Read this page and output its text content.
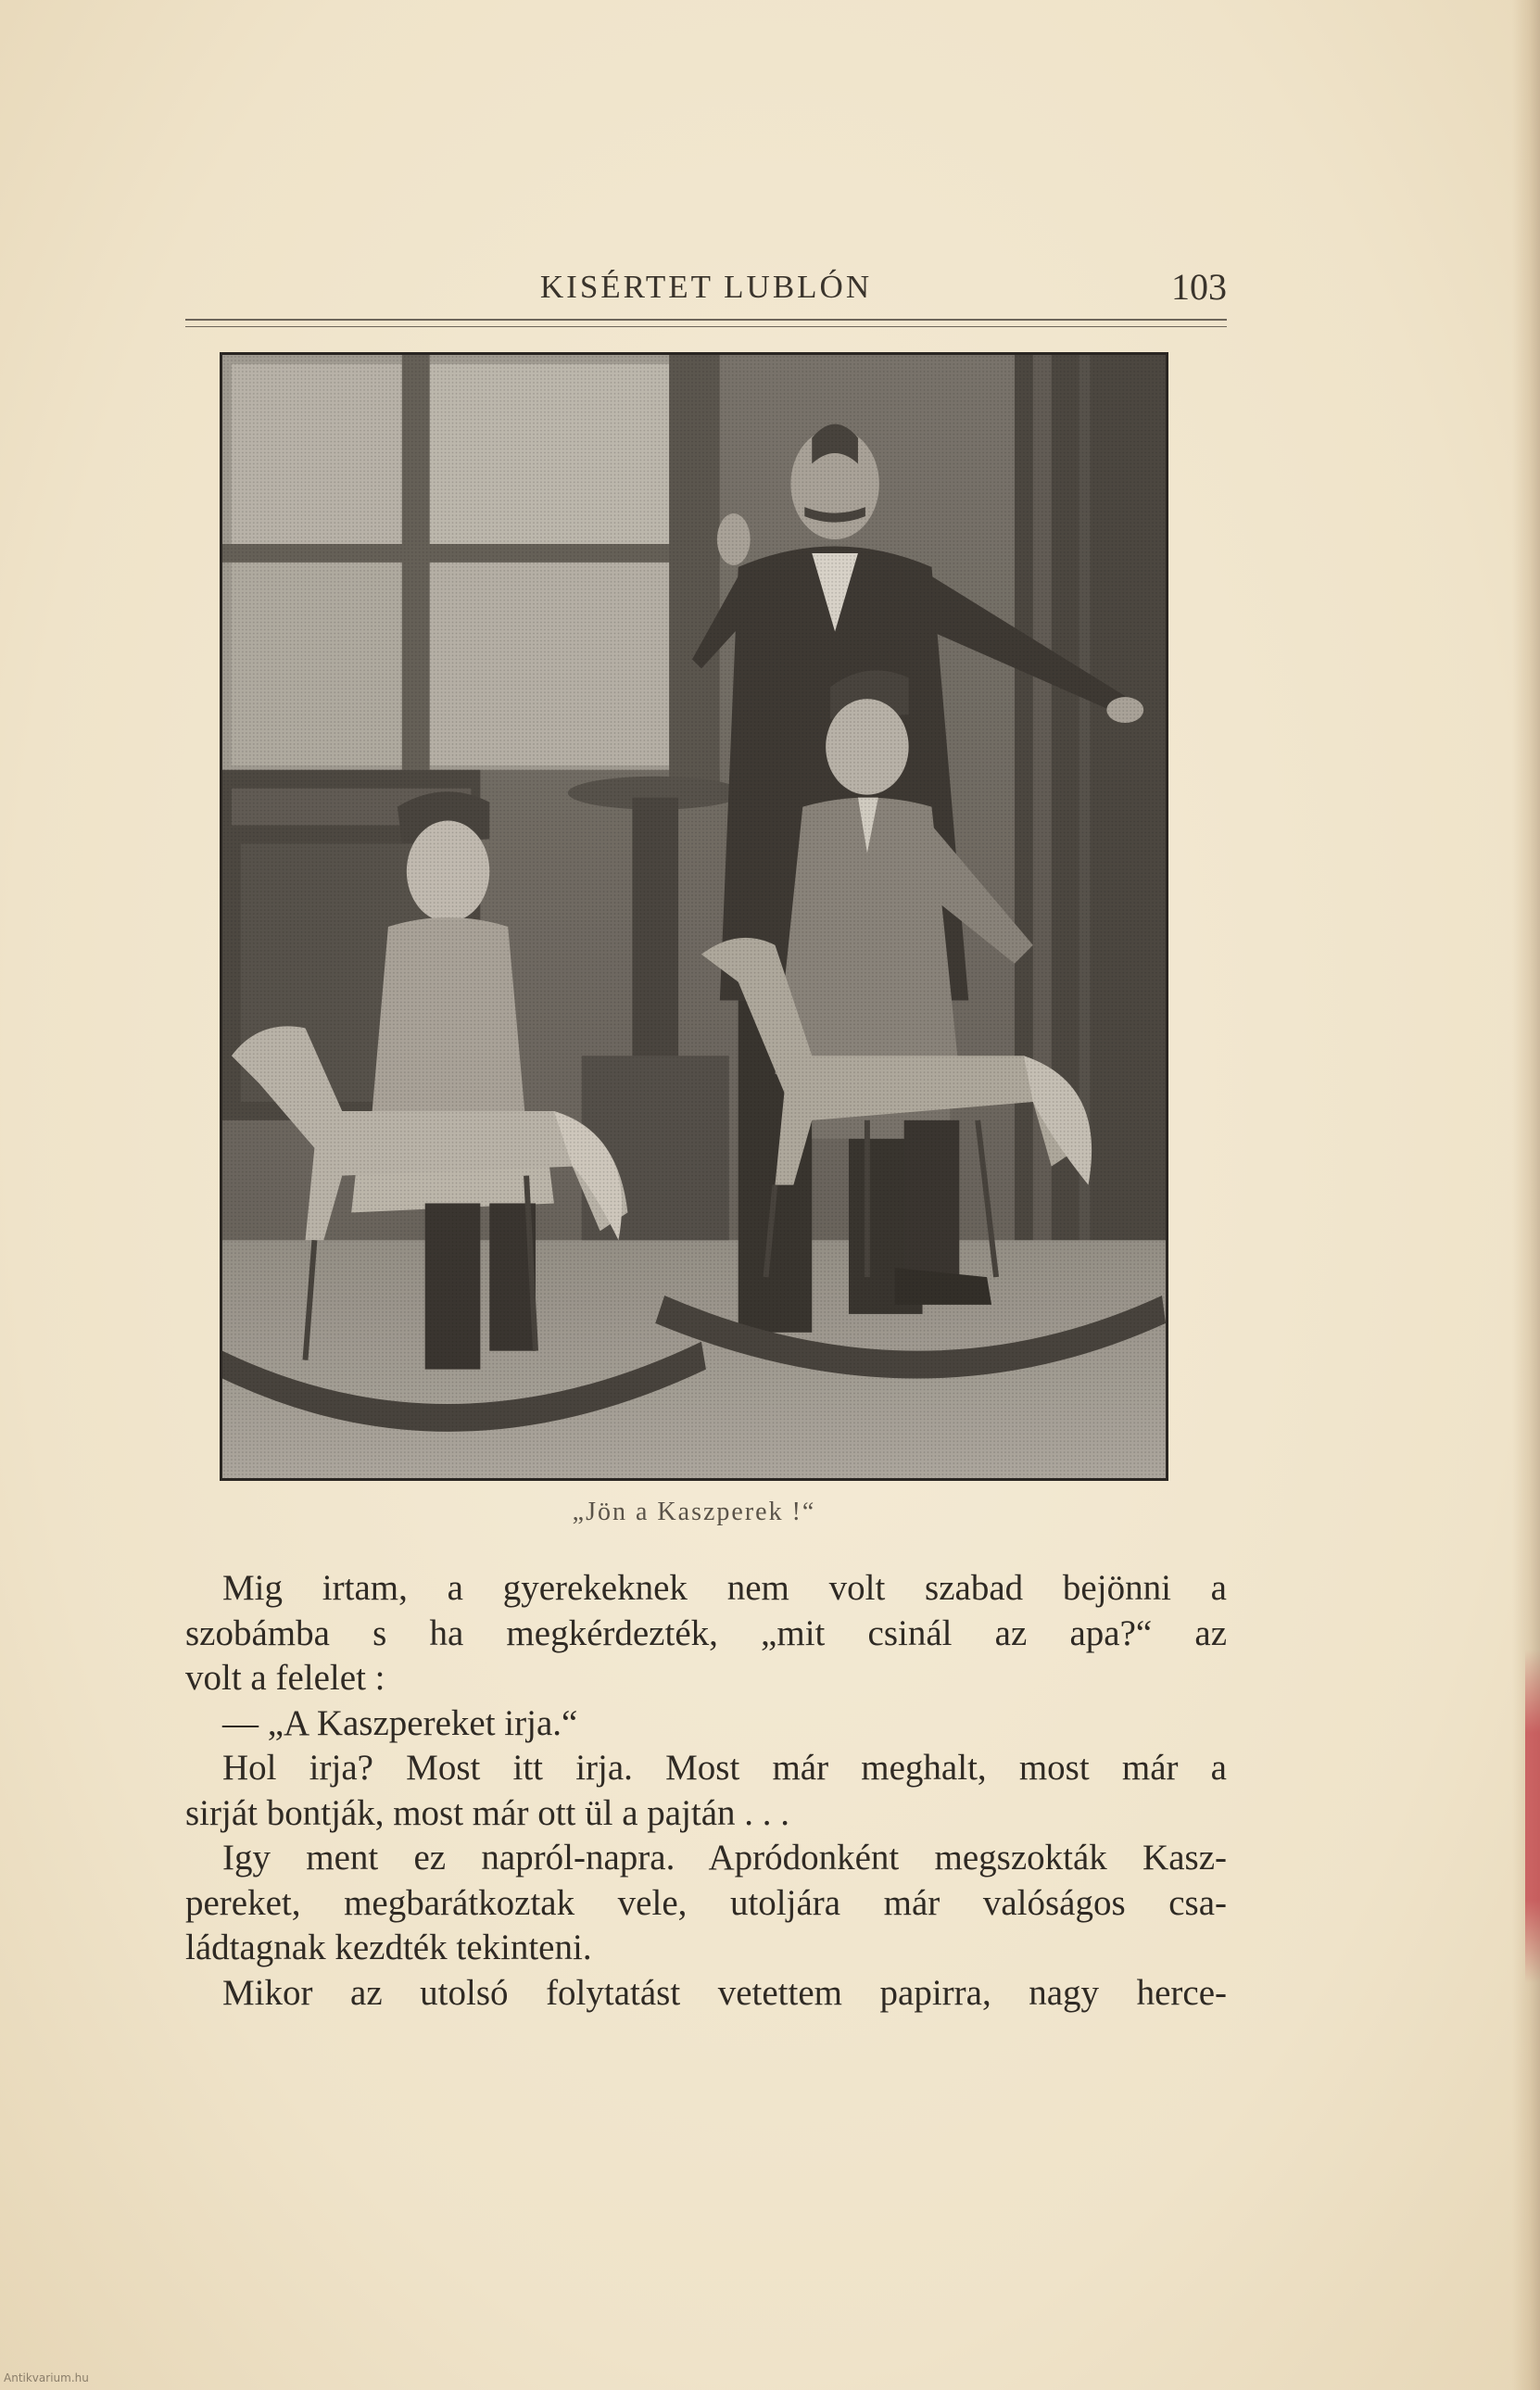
KISÉRTET LUBLÓN	103
„Jön a Kaszperek !“

Mig irtam, a gyerekeknek nem volt szabad bejönni a

szobámba s ha megkérdezték, „mit csinál az apa?“ az

volt a felelet :

— „A Kaszpereket irja.“

Hol irja? Most itt irja. Most már meghalt, most már a

sirját bontják, most már ott ül a pajtán . . .

Igy ment ez napról-napra. Apródonként megszokták Kasz-

pereket, megbarátkoztak vele, utoljára már valóságos csa-

ládtagnak kezdték tekinteni.

Mikor az utolsó folytatást vetettem papirra, nagy herce-

Antikvarium.hu
